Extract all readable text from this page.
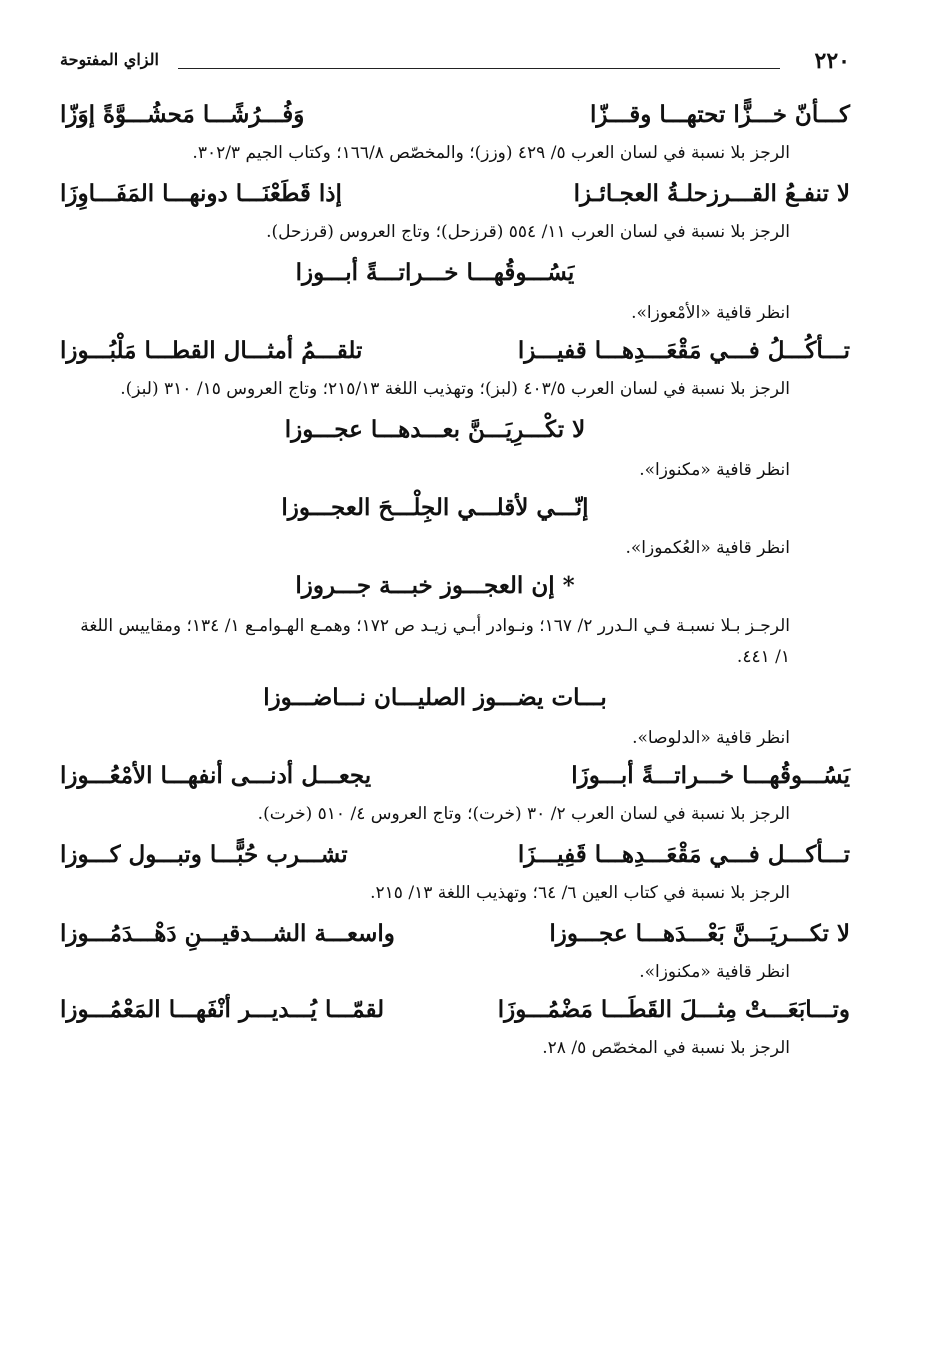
الزاي المفتوحة	٢٢٠
كـــأنّ خـــزًّا تحتهـــا وقـــزّا
وَفُـــرُشًـــا مَحشُـــوَّةً إوَزّا
الرجز بلا نسبة في لسان العرب ٥/ ٤٢٩ (وزز)؛ والمخصّص ١٦٦/٨؛ وكتاب الجيم ٣٠٢/٣.
لا تنفـعُ القـــرزحلـةُ العجـائـزا
إذا قَطَعْنَـــا دونهـــا المَفَـــاوِزَا
الرجز بلا نسبة في لسان العرب ١١/ ٥٥٤ (قرزحل)؛ وتاج العروس (قرزحل).
يَسُـــوقُهـــا خـــراتـــةً أبـــوزا
انظر قافية «الأمْعوزا».
تـــأكُـــلُ فـــي مَقْعَـــدِهـــا قفيـــزا
تلقـــمُ أمثـــال القطـــا مَلْبُـــوزا
الرجز بلا نسبة في لسان العرب ٤٠٣/٥ (لبز)؛ وتهذيب اللغة ٢١٥/١٣؛ وتاج العروس ١٥/ ٣١٠ (لبز).
لا تكْـــرِيَـــنَّ بعـــدهـــا عجـــوزا
انظر قافية «مكنوزا».
إنّـــي لأقلـــي الجِلْـــحَ العجـــوزا
انظر قافية «العُكموزا».
* إن العجـــوز خبـــة جـــروزا
الرجـز بـلا نسبـة فـي الـدرر ٢/ ١٦٧؛ ونـوادر أبـي زيـد ص ١٧٢؛ وهمـع الهـوامـع ١/ ١٣٤؛ ومقاييس اللغة ١/ ٤٤١.
بـــات يضـــوز الصليـــان نـــاضـــوزا
انظر قافية «الدلوصا».
يَسُـــوقُهـــا خـــراتـــةً أبـــوزَا
يجعـــل أدنـــى أنفهـــا الأمْعُـــوزا
الرجز بلا نسبة في لسان العرب ٢/ ٣٠ (خرت)؛ وتاج العروس ٤/ ٥١٠ (خرت).
تـــأكـــل فـــي مَقْعَـــدِهـــا قَفِيـــزَا
تشـــرب حُبًّـــا وتبـــول كـــوزا
الرجز بلا نسبة في كتاب العين ٦/ ٦٤؛ وتهذيب اللغة ١٣/ ٢١٥.
لا تكـــريَـــنَّ بَعْـــدَهـــا عجـــوزا
واسعـــة الشـــدقيـــنِ دَهْـــدَمُـــوزا
انظر قافية «مكنوزا».
وتـــابَعَـــتْ مِثـــلَ القَطَـــا مَضْمُـــوزَا
لقمّـــا يُـــديـــر أنْفَهـــا المَعْمُـــوزا
الرجز بلا نسبة في المخصّص ٥/ ٢٨.
